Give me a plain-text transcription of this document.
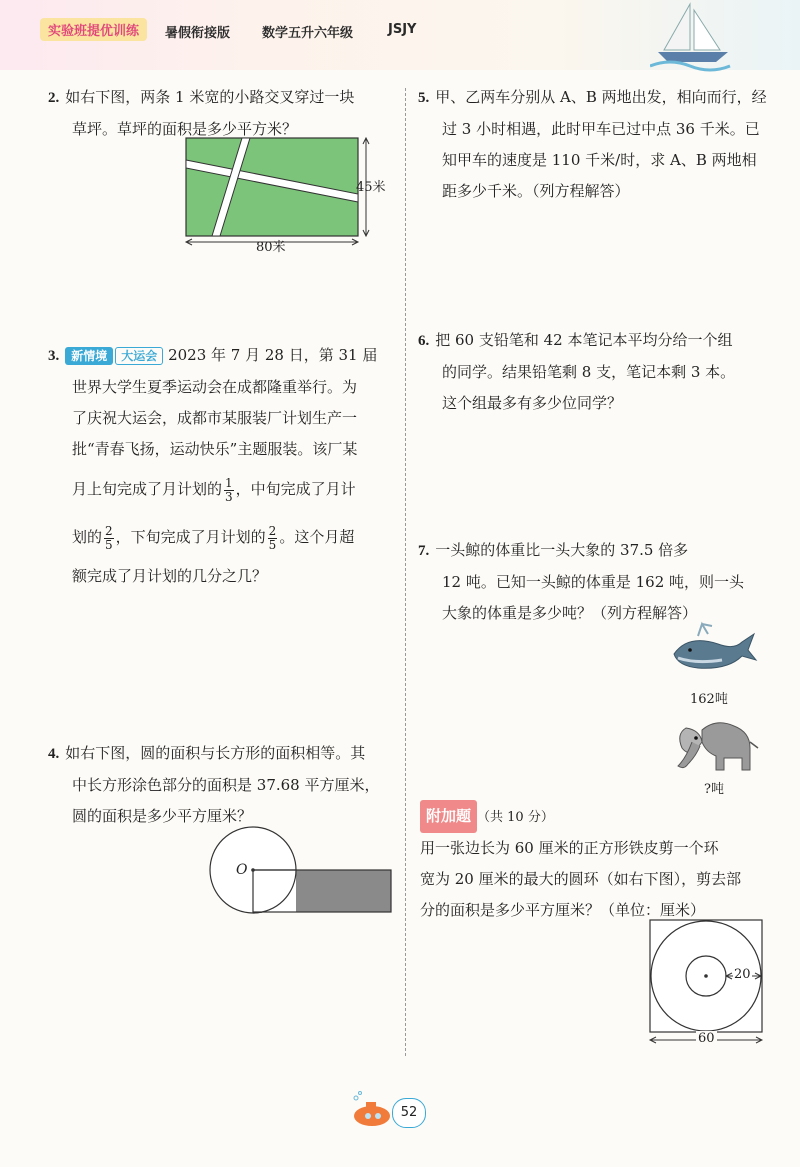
实验班提优训练	暑假衔接版 数学五升六年级	JSJY
2. 如右下图，两条 1 米宽的小路交叉穿过一块
草坪。草坪的面积是多少平方米？
45米
80米
3. 新情境 大运会 2023 年 7 月 28 日，第 31 届
世界大学生夏季运动会在成都隆重举行。为
了庆祝大运会，成都市某服装厂计划生产一
批“青春飞扬，运动快乐”主题服装。该厂某
月上旬完成了月计划的 $\frac{1}{3}$ ，中旬完成了月计
划的 $\frac{2}{5}$ ，下旬完成了月计划的 $\frac{2}{5}$ 。这个月超
额完成了月计划的几分之几？
4. 如右下图，圆的面积与长方形的面积相等。其
中长方形涂色部分的面积是 37.68 平方厘米，
圆的面积是多少平方厘米？
O
5. 甲、乙两车分别从 A、B 两地出发，相向而行，经
过 3 小时相遇，此时甲车已过中点 36 千米。已
知甲车的速度是 110 千米/时，求 A、B 两地相
距多少千米。（列方程解答）
6. 把 60 支铅笔和 42 本笔记本平均分给一个组
的同学。结果铅笔剩 8 支，笔记本剩 3 本。
这个组最多有多少位同学？
7. 一头鲸的体重比一头大象的 37.5 倍多
12 吨。已知一头鲸的体重是 162 吨，则一头
大象的体重是多少吨？（列方程解答）
162吨
?吨
附加题 （共 10 分）
用一张边长为 60 厘米的正方形铁皮剪一个环
宽为 20 厘米的最大的圆环（如右下图），剪去部
分的面积是多少平方厘米？（单位：厘米）
20
60
52
